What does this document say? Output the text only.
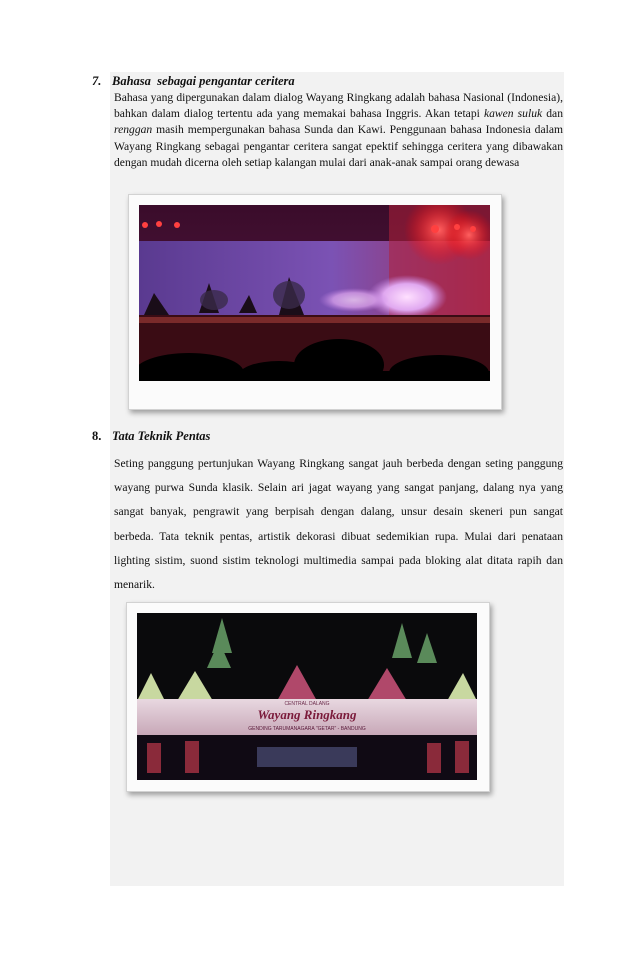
7. Bahasa  sebagai pengantar ceritera
Bahasa yang dipergunakan dalam dialog Wayang Ringkang adalah bahasa Nasional (Indonesia), bahkan dalam dialog tertentu ada yang memakai bahasa Inggris. Akan tetapi kawen suluk dan renggan masih mempergunakan bahasa Sunda dan Kawi. Penggunaan bahasa Indonesia dalam Wayang Ringkang sebagai pengantar ceritera sangat epektif sehingga ceritera yang dibawakan dengan mudah dicerna oleh setiap kalangan mulai dari anak-anak sampai orang dewasa
8. Tata Teknik Pentas
Seting panggung pertunjukan Wayang Ringkang sangat jauh berbeda dengan seting panggung wayang purwa Sunda klasik. Selain ari jagat wayang yang sangat panjang, dalang nya yang sangat banyak, pengrawit yang berpisah dengan dalang, unsur desain skeneri pun sangat berbeda. Tata teknik pentas, artistik dekorasi dibuat sedemikian rupa. Mulai dari penataan lighting sistim, suond sistim teknologi multimedia sampai pada bloking alat ditata rapih dan menarik.
CENTRAL DALANG
Wayang Ringkang
GENDING TARUMANAGARA "GETAR" - BANDUNG
